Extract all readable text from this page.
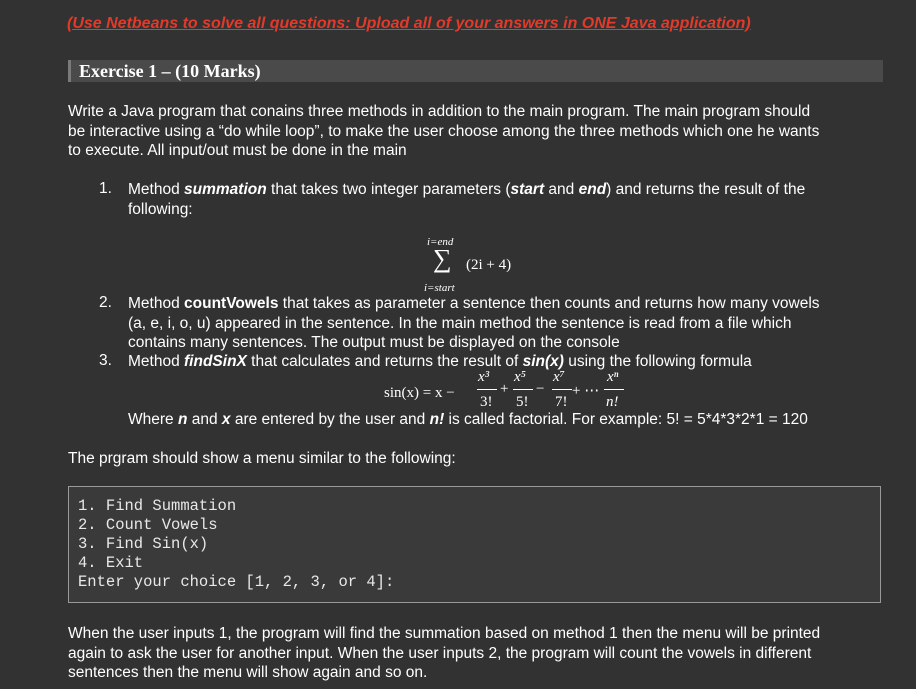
(Use Netbeans to solve all questions: Upload all of your answers in ONE Java application)
Exercise 1 – (10 Marks)
Write a Java program that conains three methods in addition to the main program. The main program should
be interactive using a “do while loop”, to make the user choose among the three methods which one he wants
to execute. All input/out must be done in the main
1. Method summation that takes two integer parameters (start and end) and returns the result of the
following:
i=end
∑ (2i + 4)
i=start
2. Method countVowels that takes as parameter a sentence then counts and returns how many vowels
(a, e, i, o, u) appeared in the sentence. In the main method the sentence is read from a file which
contains many sentences. The output must be displayed on the console
3. Method findSinX that calculates and returns the result of sin(x) using the following formula
sin(x) = x −
x³
3!
+
x⁵
5!
−
x⁷
7!
+ ⋯
xⁿ
n!
Where n and x are entered by the user and n! is called factorial. For example: 5! = 5*4*3*2*1 = 120
The prgram should show a menu similar to the following:
1. Find Summation
2. Count Vowels
3. Find Sin(x)
4. Exit
Enter your choice [1, 2, 3, or 4]:
When the user inputs 1, the program will find the summation based on method 1 then the menu will be printed
again to ask the user for another input. When the user inputs 2, the program will count the vowels in different
sentences then the menu will show again and so on.
